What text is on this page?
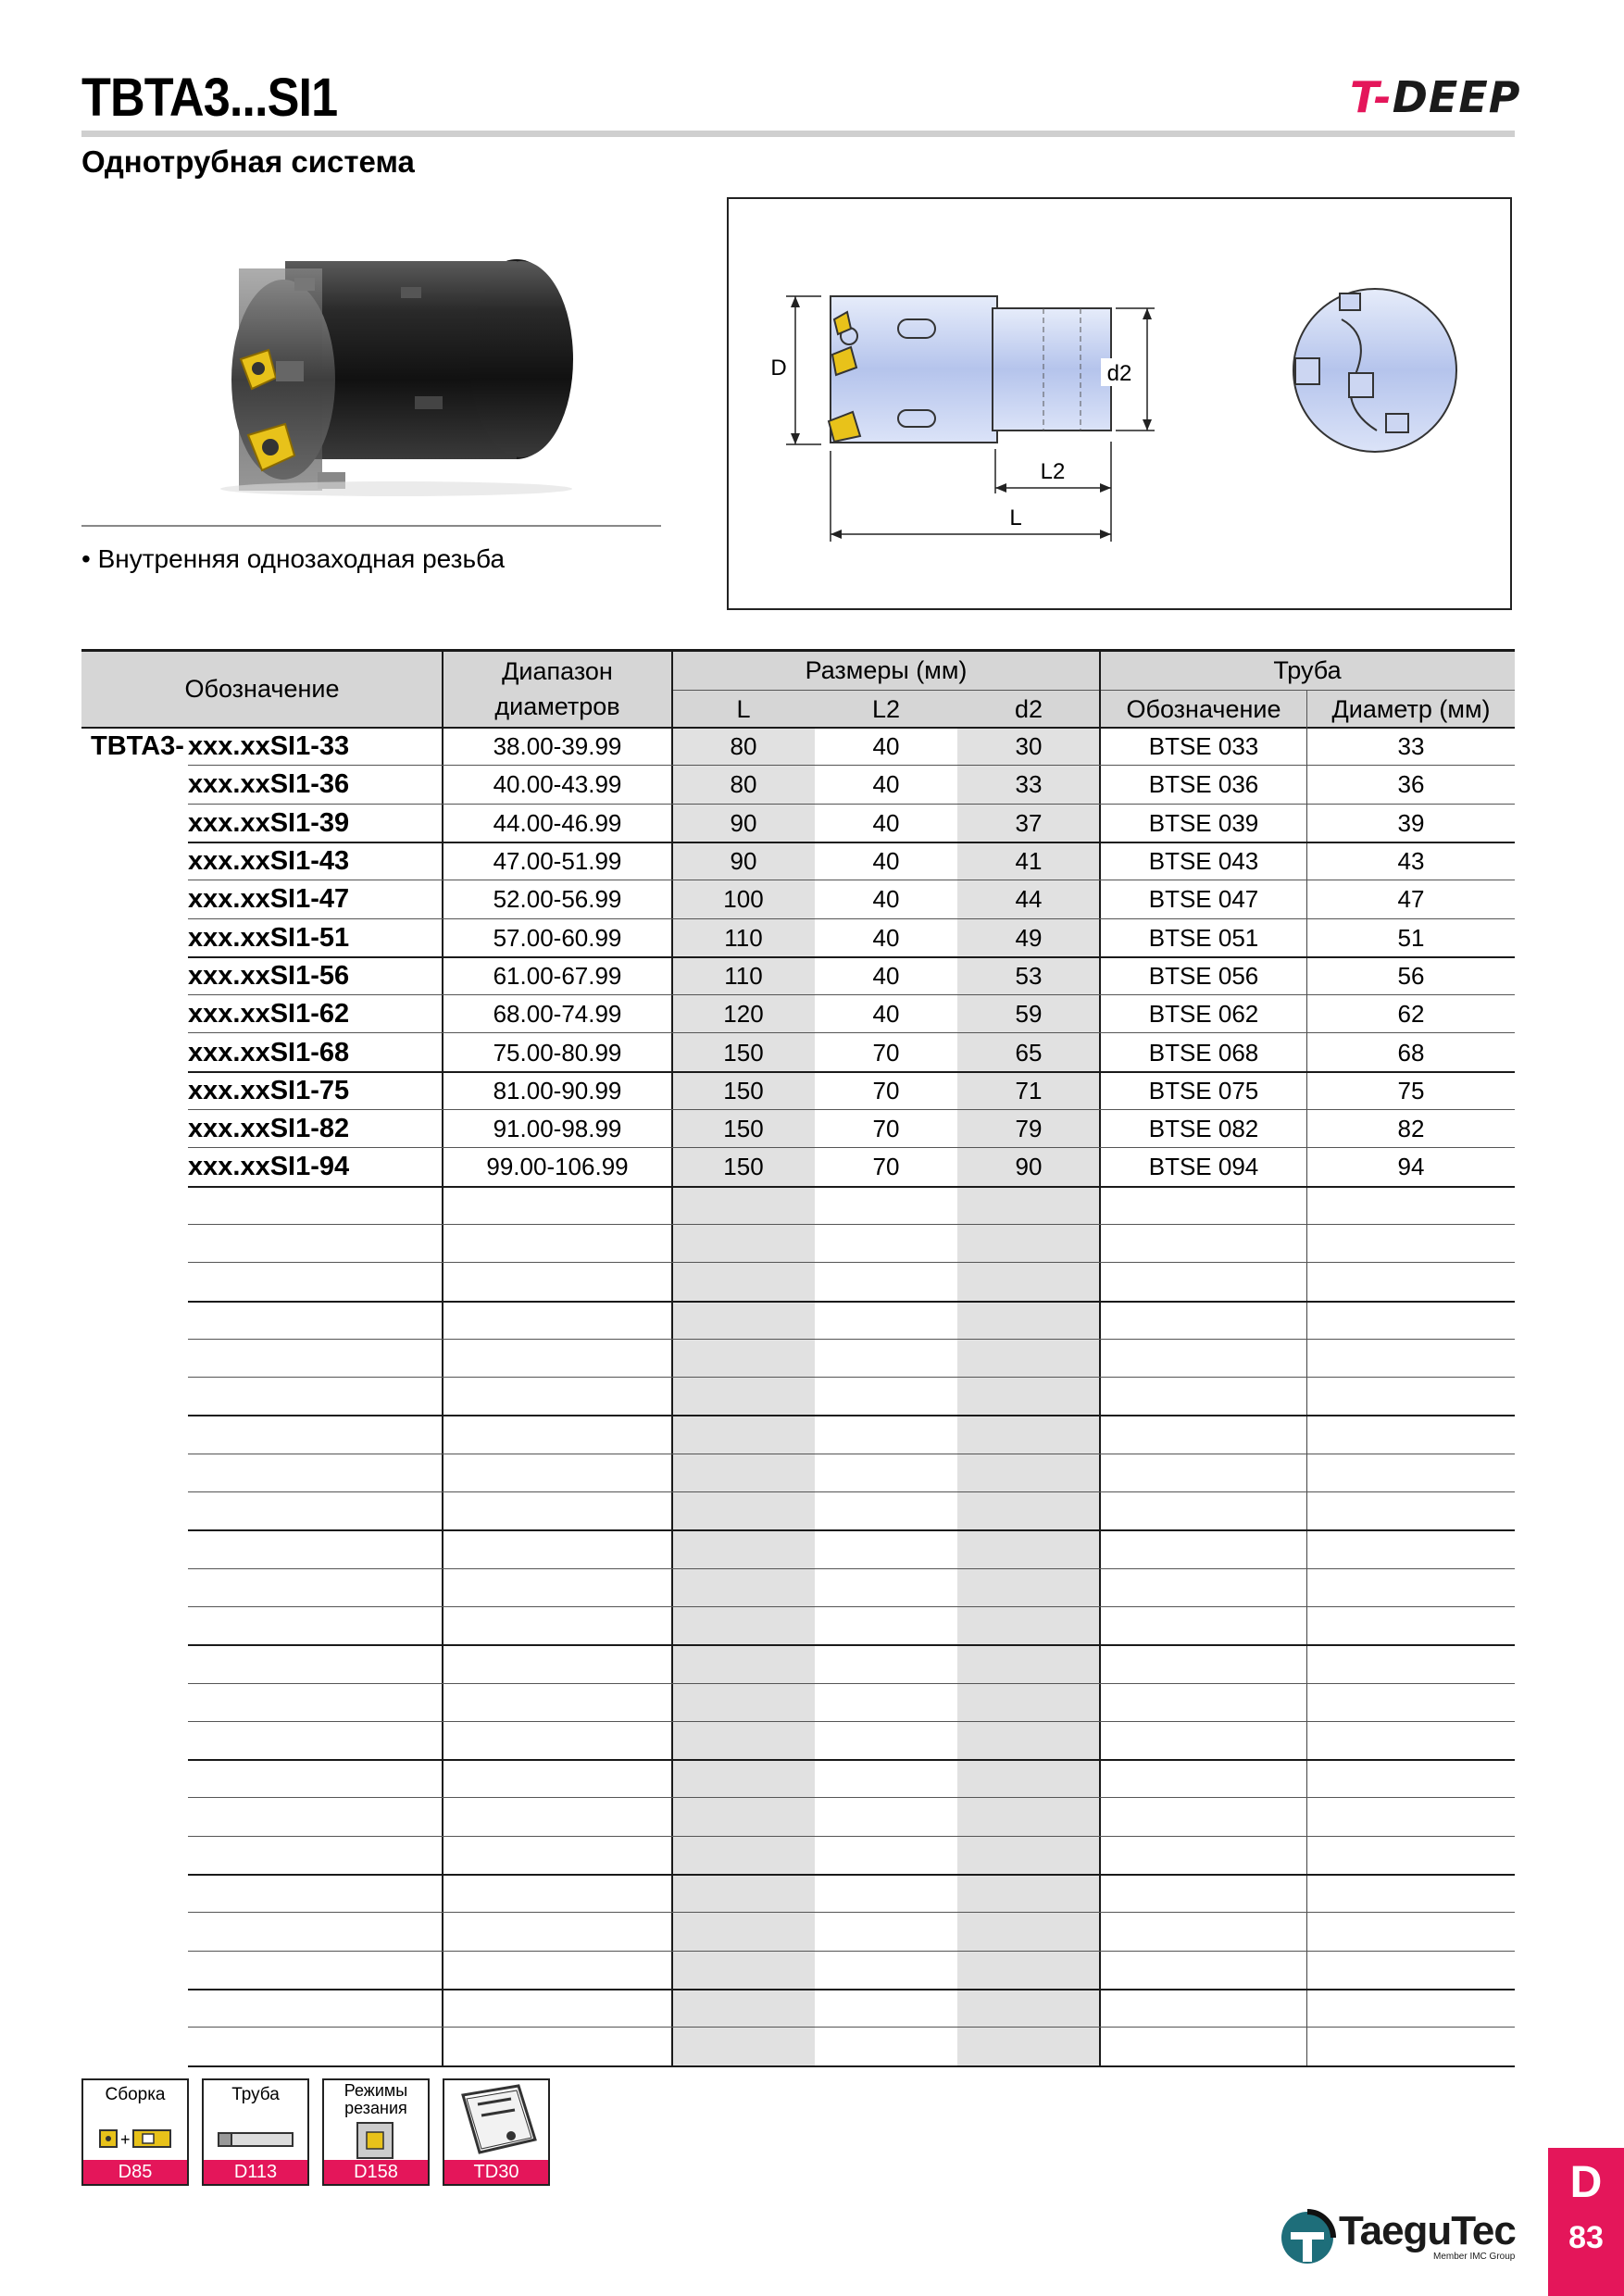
TBTA3...SI1	T-DEEP
Однотрубная система
• Внутренняя однозаходная резьба
D	d2
L2
L
Обозначение
Диапазон диаметров
Размеры (мм)
L	L2	d2
Труба
Обозначение	Диаметр (мм)
TBTA3- xxx.xxSI1-33	38.00-39.99	80	40	30	BTSE 033	33
xxx.xxSI1-36	40.00-43.99	80	40	33	BTSE 036	36
xxx.xxSI1-39	44.00-46.99	90	40	37	BTSE 039	39
xxx.xxSI1-43	47.00-51.99	90	40	41	BTSE 043	43
xxx.xxSI1-47	52.00-56.99	100	40	44	BTSE 047	47
xxx.xxSI1-51	57.00-60.99	110	40	49	BTSE 051	51
xxx.xxSI1-56	61.00-67.99	110	40	53	BTSE 056	56
xxx.xxSI1-62	68.00-74.99	120	40	59	BTSE 062	62
xxx.xxSI1-68	75.00-80.99	150	70	65	BTSE 068	68
xxx.xxSI1-75	81.00-90.99	150	70	71	BTSE 075	75
xxx.xxSI1-82	91.00-98.99	150	70	79	BTSE 082	82
xxx.xxSI1-94	99.00-106.99	150	70	90	BTSE 094	94
Сборка
+
D85
Труба
D113
Режимы резания
D158	TD30	D
83
TaeguTec
Member IMC Group
